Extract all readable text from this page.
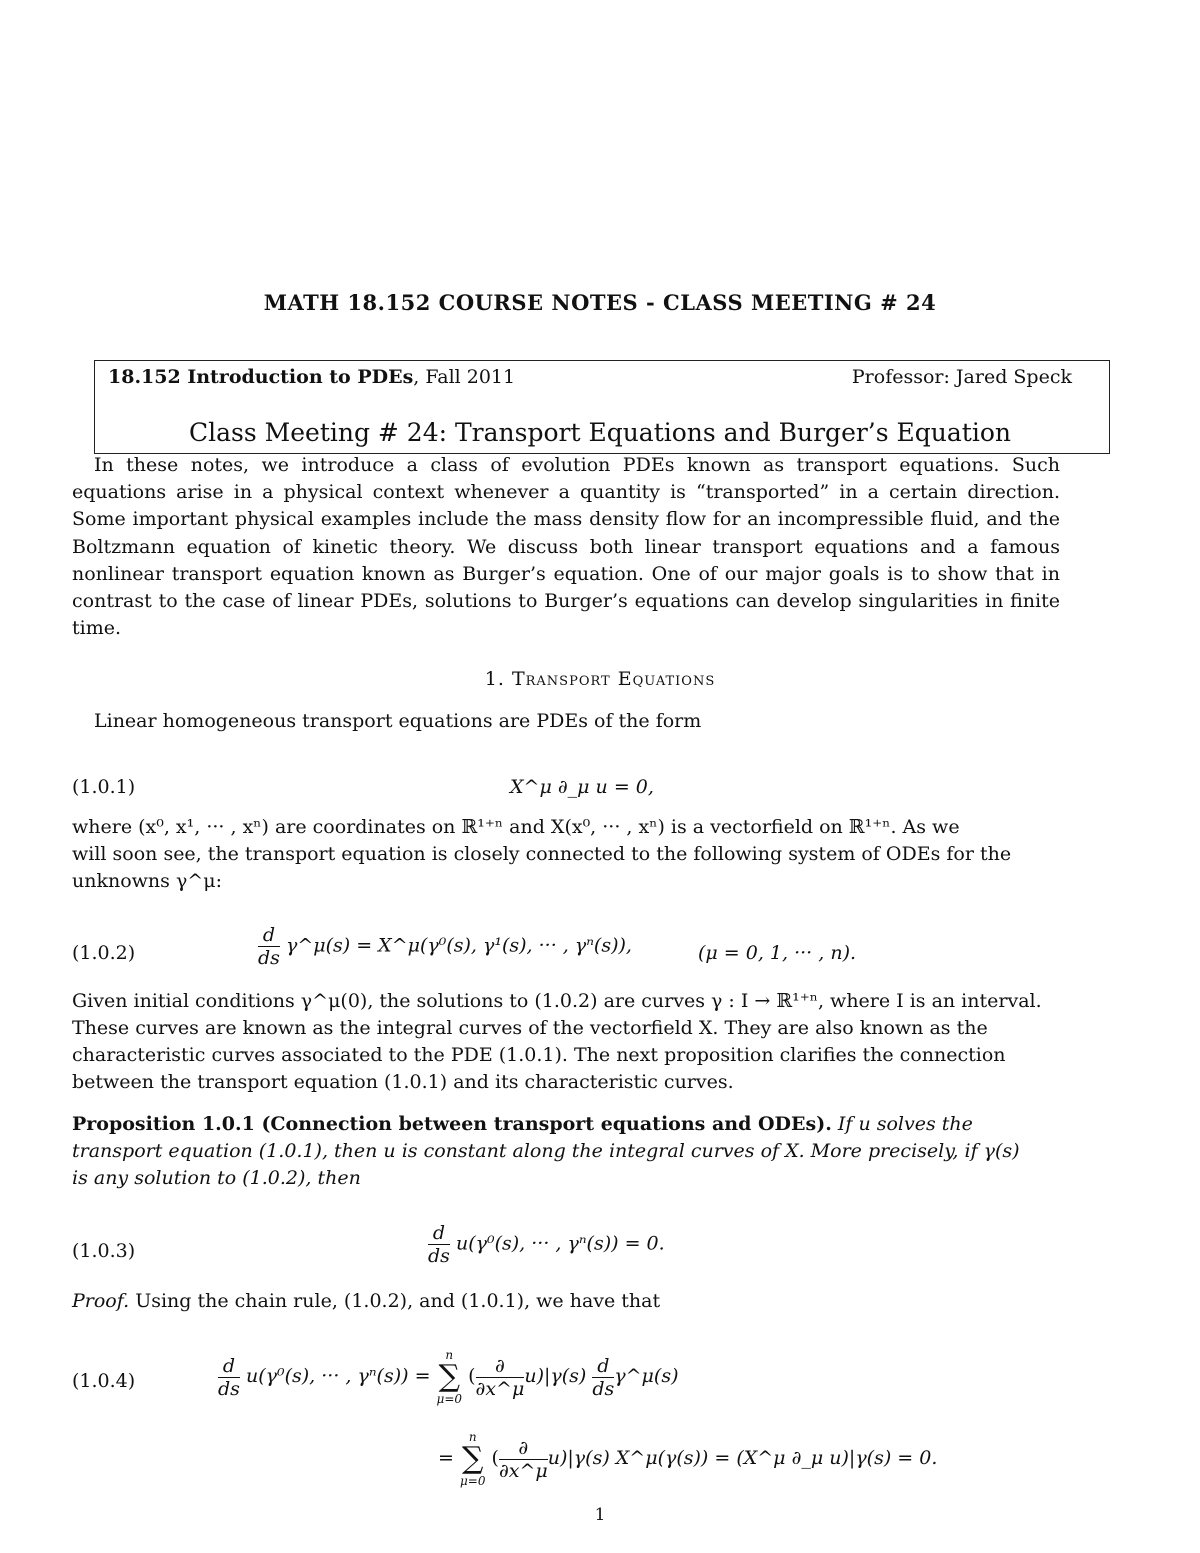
MATH 18.152 COURSE NOTES - CLASS MEETING # 24
18.152 Introduction to PDEs, Fall 2011	Professor: Jared Speck
Class Meeting # 24: Transport Equations and Burger’s Equation
In these notes, we introduce a class of evolution PDEs known as transport equations. Such equations arise in a physical context whenever a quantity is “transported” in a certain direction. Some important physical examples include the mass density flow for an incompressible fluid, and the Boltzmann equation of kinetic theory. We discuss both linear transport equations and a famous nonlinear transport equation known as Burger’s equation. One of our major goals is to show that in contrast to the case of linear PDEs, solutions to Burger’s equations can develop singularities in finite time.
1. Transport Equations
Linear homogeneous transport equations are PDEs of the form
(1.0.1)	X^μ ∂_μ u = 0,
where (x⁰, x¹, ··· , xⁿ) are coordinates on ℝ¹⁺ⁿ and X(x⁰, ··· , xⁿ) is a vectorfield on ℝ¹⁺ⁿ. As we
will soon see, the transport equation is closely connected to the following system of ODEs for the
unknowns γ^μ:
(1.0.2)	$\frac{d}{ds}$ γ^μ(s) = X^μ(γ⁰(s), γ¹(s), ··· , γⁿ(s)),	(μ = 0, 1, ··· , n).
Given initial conditions γ^μ(0), the solutions to (1.0.2) are curves γ : I → ℝ¹⁺ⁿ, where I is an interval.
These curves are known as the integral curves of the vectorfield X. They are also known as the
characteristic curves associated to the PDE (1.0.1). The next proposition clarifies the connection
between the transport equation (1.0.1) and its characteristic curves.
Proposition 1.0.1 (Connection between transport equations and ODEs). If u solves the
transport equation (1.0.1), then u is constant along the integral curves of X. More precisely, if γ(s)
is any solution to (1.0.2), then
(1.0.3)	$\frac{d}{ds} u(\gamma^0(s)$, ··· , γⁿ(s)) = 0.
Proof. Using the chain rule, (1.0.2), and (1.0.1), we have that
(1.0.4)	$\frac{d}{ds} u(\gamma^0(s)$, ··· , γⁿ(s)) =
n
∑
μ=0
( $\frac{\partial}{\partial x\^{}\mu} u)|\gamma(s) \frac{d}{ds}$ γ^μ(s)
=
n
∑
μ=0
( $\frac{\partial}{\partial x\^{}\mu} u)|\gamma(s)$ X^μ(γ(s)) = (X^μ ∂_μ u)|γ(s) = 0.
1
